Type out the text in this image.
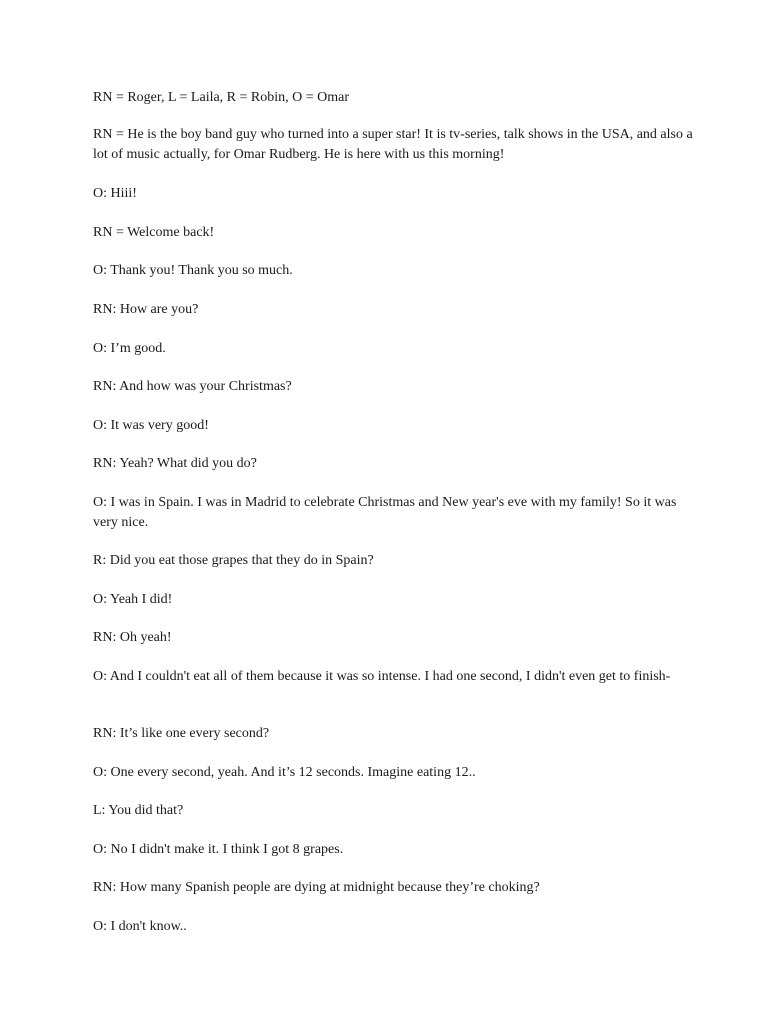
RN = Roger, L = Laila, R = Robin, O = Omar

RN = He is the boy band guy who turned into a super star! It is tv-series, talk shows in the USA, and also a lot of music actually, for Omar Rudberg. He is here with us this morning!

O: Hiii!

RN = Welcome back!

O: Thank you! Thank you so much.

RN: How are you?

O: I’m good.

RN: And how was your Christmas?

O: It was very good!

RN: Yeah? What did you do?

O: I was in Spain. I was in Madrid to celebrate Christmas and New year's eve with my family! So it was very nice.

R: Did you eat those grapes that they do in Spain?

O: Yeah I did!

RN: Oh yeah!

O: And I couldn't eat all of them because it was so intense. I had one second, I didn't even get to finish-

RN: It’s like one every second?

O: One every second, yeah. And it’s 12 seconds. Imagine eating 12..

L: You did that?

O: No I didn't make it. I think I got 8 grapes.

RN: How many Spanish people are dying at midnight because they’re choking?

O: I don't know..
